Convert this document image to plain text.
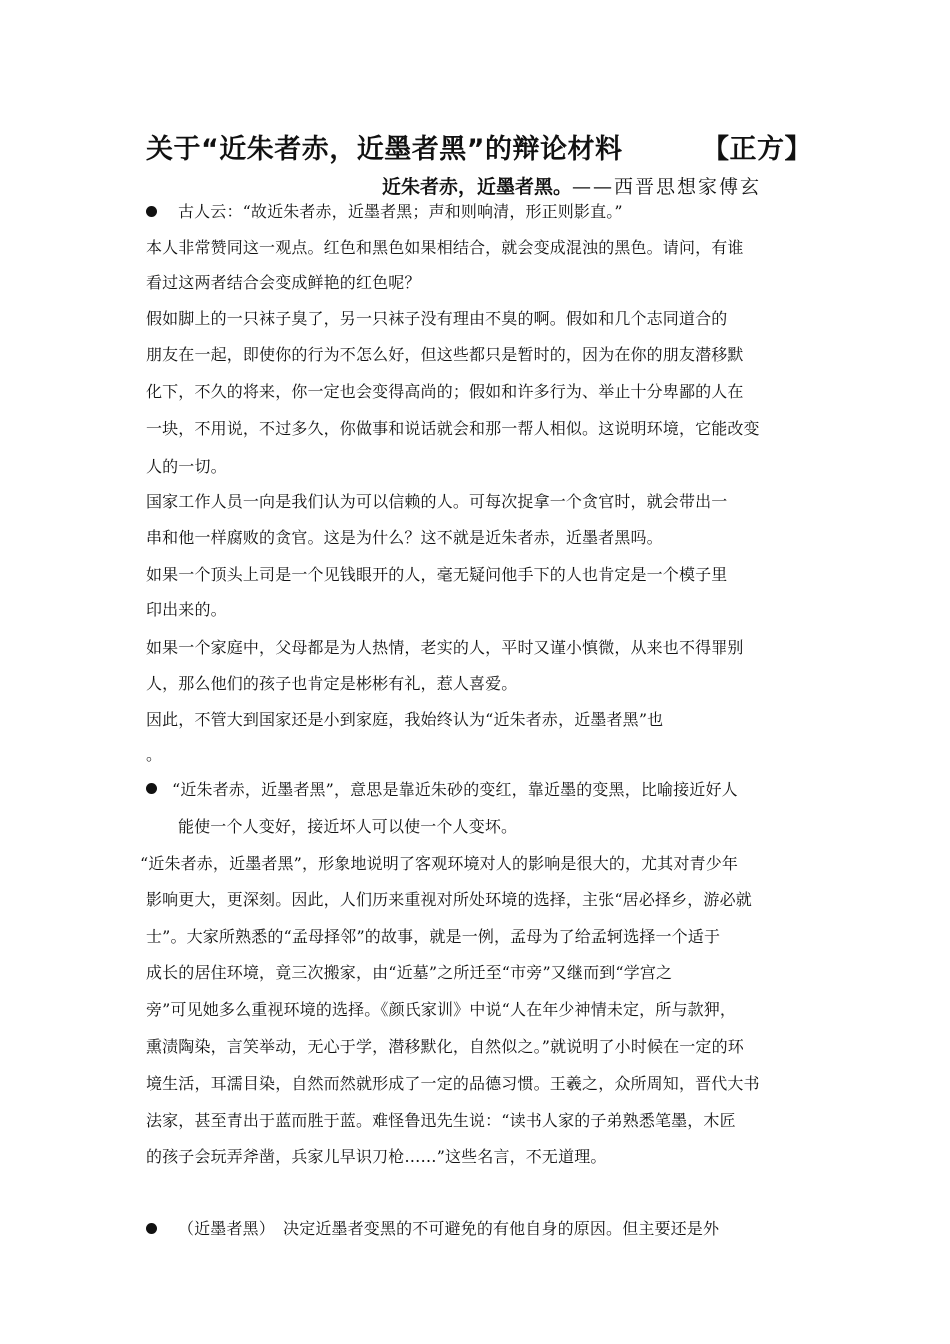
关于“近朱者赤，近墨者黑”的辩论材料	【正方】
近朱者赤，近墨者黑。——西晋思想家傅玄
古人云：“故近朱者赤，近墨者黑；声和则响清，形正则影直。”
本人非常赞同这一观点。红色和黑色如果相结合，就会变成混浊的黑色。请问，有谁
看过这两者结合会变成鲜艳的红色呢？
假如脚上的一只袜子臭了，另一只袜子没有理由不臭的啊。假如和几个志同道合的
朋友在一起，即使你的行为不怎么好，但这些都只是暂时的，因为在你的朋友潜移默
化下，不久的将来，你一定也会变得高尚的；假如和许多行为、举止十分卑鄙的人在
一块，不用说，不过多久，你做事和说话就会和那一帮人相似。这说明环境，它能改变
人的一切。
国家工作人员一向是我们认为可以信赖的人。可每次捉拿一个贪官时，就会带出一
串和他一样腐败的贪官。这是为什么？这不就是近朱者赤，近墨者黑吗。
如果一个顶头上司是一个见钱眼开的人，毫无疑问他手下的人也肯定是一个模子里
印出来的。
如果一个家庭中，父母都是为人热情，老实的人，平时又谨小慎微，从来也不得罪别
人，那么他们的孩子也肯定是彬彬有礼，惹人喜爱。
因此，不管大到国家还是小到家庭，我始终认为“近朱者赤，近墨者黑”也
。
“近朱者赤，近墨者黑”，意思是靠近朱砂的变红，靠近墨的变黑，比喻接近好人
能使一个人变好，接近坏人可以使一个人变坏。
“近朱者赤，近墨者黑”，形象地说明了客观环境对人的影响是很大的，尤其对青少年
影响更大，更深刻。因此，人们历来重视对所处环境的选择，主张“居必择乡，游必就
士”。大家所熟悉的“孟母择邻”的故事，就是一例，孟母为了给孟轲选择一个适于
成长的居住环境，竟三次搬家，由“近墓”之所迁至“市旁”又继而到“学宫之
旁”可见她多么重视环境的选择。《颜氏家训》中说“人在年少神情未定，所与款狎，
熏渍陶染，言笑举动，无心于学，潜移默化，自然似之。”就说明了小时候在一定的环
境生活，耳濡目染，自然而然就形成了一定的品德习惯。王羲之，众所周知，晋代大书
法家，甚至青出于蓝而胜于蓝。难怪鲁迅先生说：“读书人家的子弟熟悉笔墨，木匠
的孩子会玩弄斧凿，兵家儿早识刀枪……”这些名言，不无道理。
（近墨者黑）　决定近墨者变黑的不可避免的有他自身的原因。但主要还是外
